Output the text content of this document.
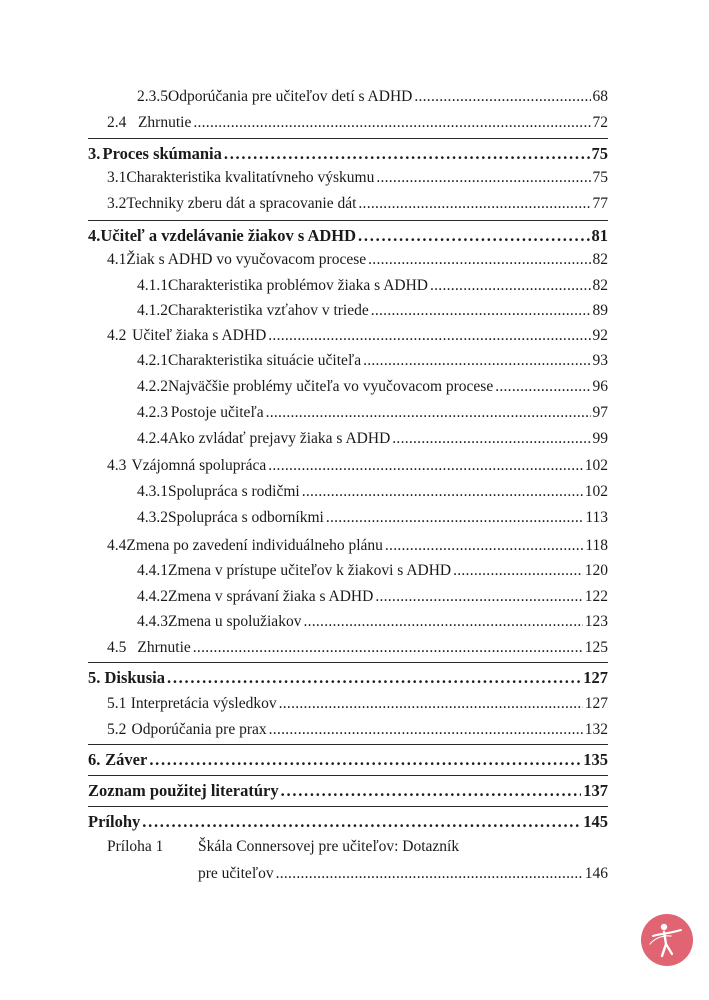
2.3.5 Odporúčania pre učiteľov detí s ADHD . . .	68
2.4 Zhrnutie . . .	72
3. Proces skúmania . . .	75
3.1 Charakteristika kvalitatívneho výskumu . . .	75
3.2 Techniky zberu dát a spracovanie dát . . .	77
4. Učiteľ a vzdelávanie žiakov s ADHD . . .	81
4.1 Žiak s ADHD vo vyučovacom procese . . .	82
4.1.1 Charakteristika problémov žiaka s ADHD . . .	82
4.1.2 Charakteristika vzťahov v triede . . .	89
4.2 Učiteľ žiaka s ADHD . . .	92
4.2.1 Charakteristika situácie učiteľa . . .	93
4.2.2 Najväčšie problémy učiteľa vo vyučovacom procese . . .	96
4.2.3 Postoje učiteľa . . .	97
4.2.4 Ako zvládať prejavy žiaka s ADHD . . .	99
4.3 Vzájomná spolupráca . . .	102
4.3.1 Spolupráca s rodičmi . . .	102
4.3.2 Spolupráca s odborníkmi . . .	113
4.4 Zmena po zavedení individuálneho plánu . . .	118
4.4.1 Zmena v prístupe učiteľov k žiakovi s ADHD . . .	120
4.4.2 Zmena v správaní žiaka s ADHD . . .	122
4.4.3 Zmena u spolužiakov . . .	123
4.5 Zhrnutie . . .	125
5. Diskusia . . .	127
5.1 Interpretácia výsledkov . . .	127
5.2 Odporúčania pre prax . . .	132
6. Záver . . .	135
Zoznam použitej literatúry . . .	137
Prílohy . . .	145
Príloha 1 Škála Connersovej pre učiteľov: Dotazník
pre učiteľov . . .	146
